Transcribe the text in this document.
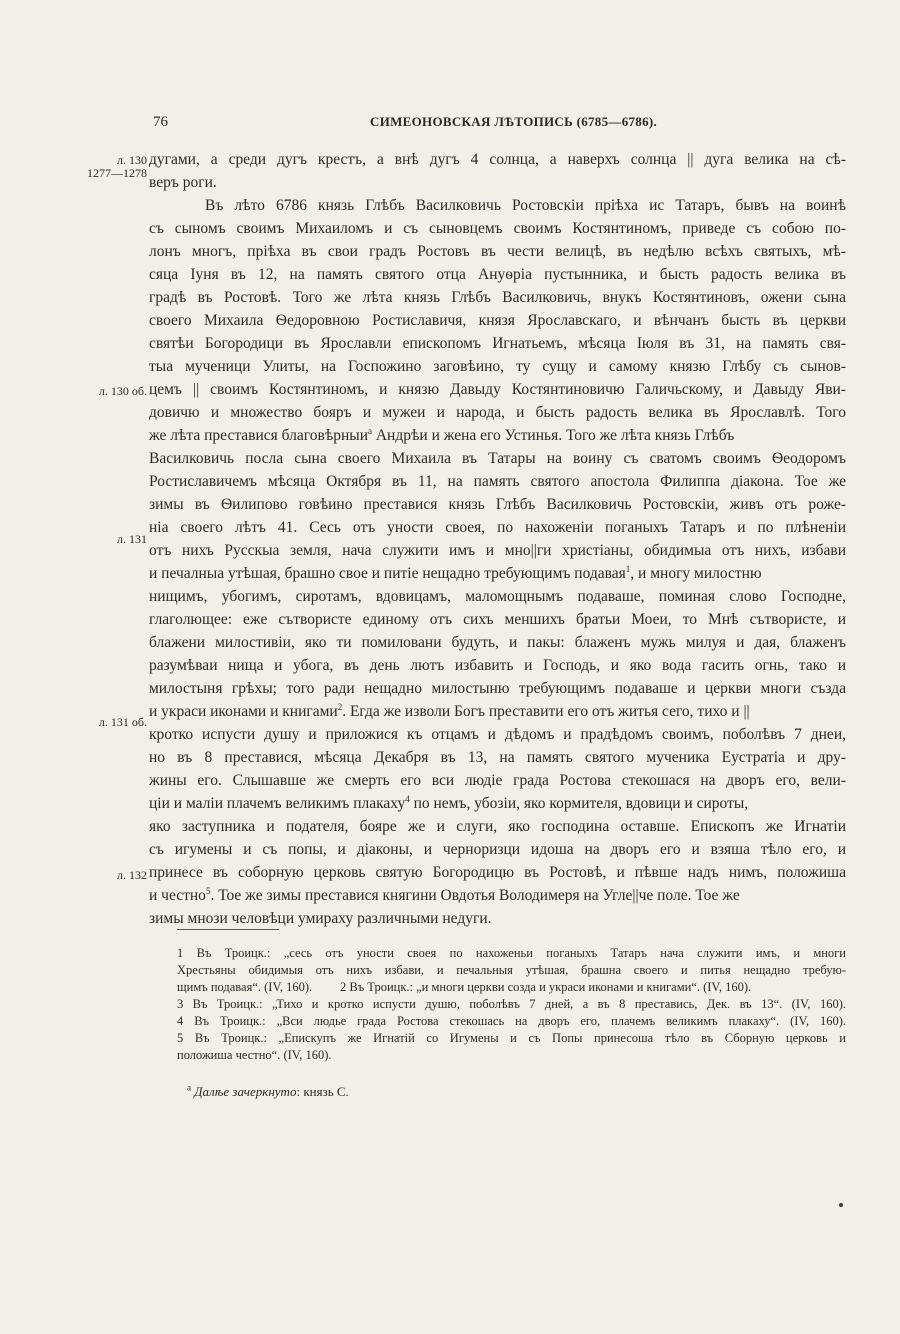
76	СИМЕОНОВСКАЯ ЛѢТОПИСЬ (6785—6786).
л. 130
1277—1278
л. 130 об.
л. 131
л. 131 об.
л. 132
дугами, а среди дугъ крестъ, а внѣ дугъ 4 солнца, а наверхъ солнца || дуга велика на сѣ-
веръ роги.
Въ лѣто 6786 князь Глѣбъ Василковичь Ростовскiи прiѣха ис Татаръ, бывъ на воинѣ
съ сыномъ своимъ Михаиломъ и съ сыновцемъ своимъ Костянтиномъ, приведе съ собою по-
лонъ многъ, прiѣха въ свои градъ Ростовъ въ чести велицѣ, въ недѣлю всѣхъ святыхъ, мѣ-
сяца Iуня въ 12, на память святого отца Ануѳрiа пустынника, и бысть радость велика въ
градѣ въ Ростовѣ. Того же лѣта князь Глѣбъ Василковичь, внукъ Костянтиновъ, ожени сына
своего Михаила Ѳедоровною Ростиславичя, князя Ярославскаго, и вѣнчанъ бысть въ церкви
святѣи Богородици въ Ярославли епископомъ Игнатьемъ, мѣсяца Iюля въ 31, на память свя-
тыа мученици Улиты, на Госпожино заговѣино, ту сущу и самому князю Глѣбу съ сынов-
цемъ || своимъ Костянтиномъ, и князю Давыду Костянтиновичю Галичьскому, и Давыду Яви-
довичю и множество бояръ и мужеи и народа, и бысть радость велика въ Ярославлѣ. Того
же лѣта преставися благовѣрныи$^а$ Андрѣи и жена его Устинья. Того же лѣта князь Глѣбъ
Василковичь посла сына своего Михаила въ Татары на воину съ сватомъ своимъ Ѳеодоромъ
Ростиславичемъ мѣсяца Октября въ 11, на память святого апостола Филиппа дiакона. Тое же
зимы въ Ѳилипово говѣино преставися князь Глѣбъ Василковичь Ростовскiи, живъ отъ роже-
нiа своего лѣтъ 41. Сесь отъ уности своея, по нахоженiи поганыхъ Татаръ и по плѣненiи
отъ нихъ Русскыа земля, нача служити имъ и мно||ги христiаны, обидимыа отъ нихъ, избави
и печалныа утѣшая, брашно свое и питiе нещадно требующимъ подавая$^1$, и многу милостню
нищимъ, убогимъ, сиротамъ, вдовицамъ, маломощнымъ подаваше, поминая слово Господне,
глаголющее: еже сътвористе единому отъ сихъ меншихъ братьи Моеи, то Мнѣ сътвористе, и
блажени милостивiи, яко ти помиловани будуть, и пакы: блаженъ мужь милуя и дая, блаженъ
разумѣваи нища и убога, въ день лютъ избавить и Господь, и яко вода гасить огнь, тако и
милостыня грѣхы; того ради нещадно милостыню требующимъ подаваше и церкви многи създа
и украси иконами и книгами$^2$. Егда же изволи Богъ преставити его отъ житья сего, тихо и ||
кротко испусти душу и приложися къ отцамъ и дѣдомъ и прадѣдомъ своимъ, поболѣвъ 7 днеи,
но въ 8 преставися, мѣсяца Декабря въ 13, на память святого мученика Еустратiа и дру-
жины его. Слышавше же смерть его вси людiе града Ростова стекошася на дворъ его, вели-
цiи и малiи плачемъ великимъ плакаху$^4$ по немъ, убозiи, яко кормителя, вдовици и сироты,
яко заступника и подателя, бояре же и слуги, яко господина оставше. Епископъ же Игнатiи
съ игумены и съ попы, и дiаконы, и черноризци идоша на дворъ его и взяша тѣло его, и
принесе въ соборную церковь святую Богородицю въ Ростовѣ, и пѣвше надъ нимъ, положиша
и честно$^5$. Тое же зимы преставися княгини Овдотья Володимеря на Угле||че поле. Тое же
зимы мнози человѣци умираху различными недуги.
1 Въ Троицк.: „сесь отъ уности своея по нахоженьи поганыхъ Татаръ нача служити имъ, и многи
Хрестьяны обидимыя отъ нихъ избави, и печальныя утѣшая, брашна своего и питья нещадно требую-
щимъ подавая“. (IV, 160).	2 Въ Троицк.: „и многи церкви созда и украси иконами и книгами“. (IV, 160).
3 Въ Троицк.: „Тихо и кротко испусти душю, поболѣвъ 7 дней, а въ 8 преставись, Дек. въ 13“. (IV, 160).
4 Въ Троицк.: „Вси людье града Ростова стекошась на дворъ его, плачемъ великимъ плакаху“. (IV, 160).
5 Въ Троицк.: „Епискупъ же Игнатiй со Игумены и съ Попы принесоша тѣло въ Сборную церковь и
положиша честно“. (IV, 160).
$^а$ Далѣе зачеркнуто: князь С.
